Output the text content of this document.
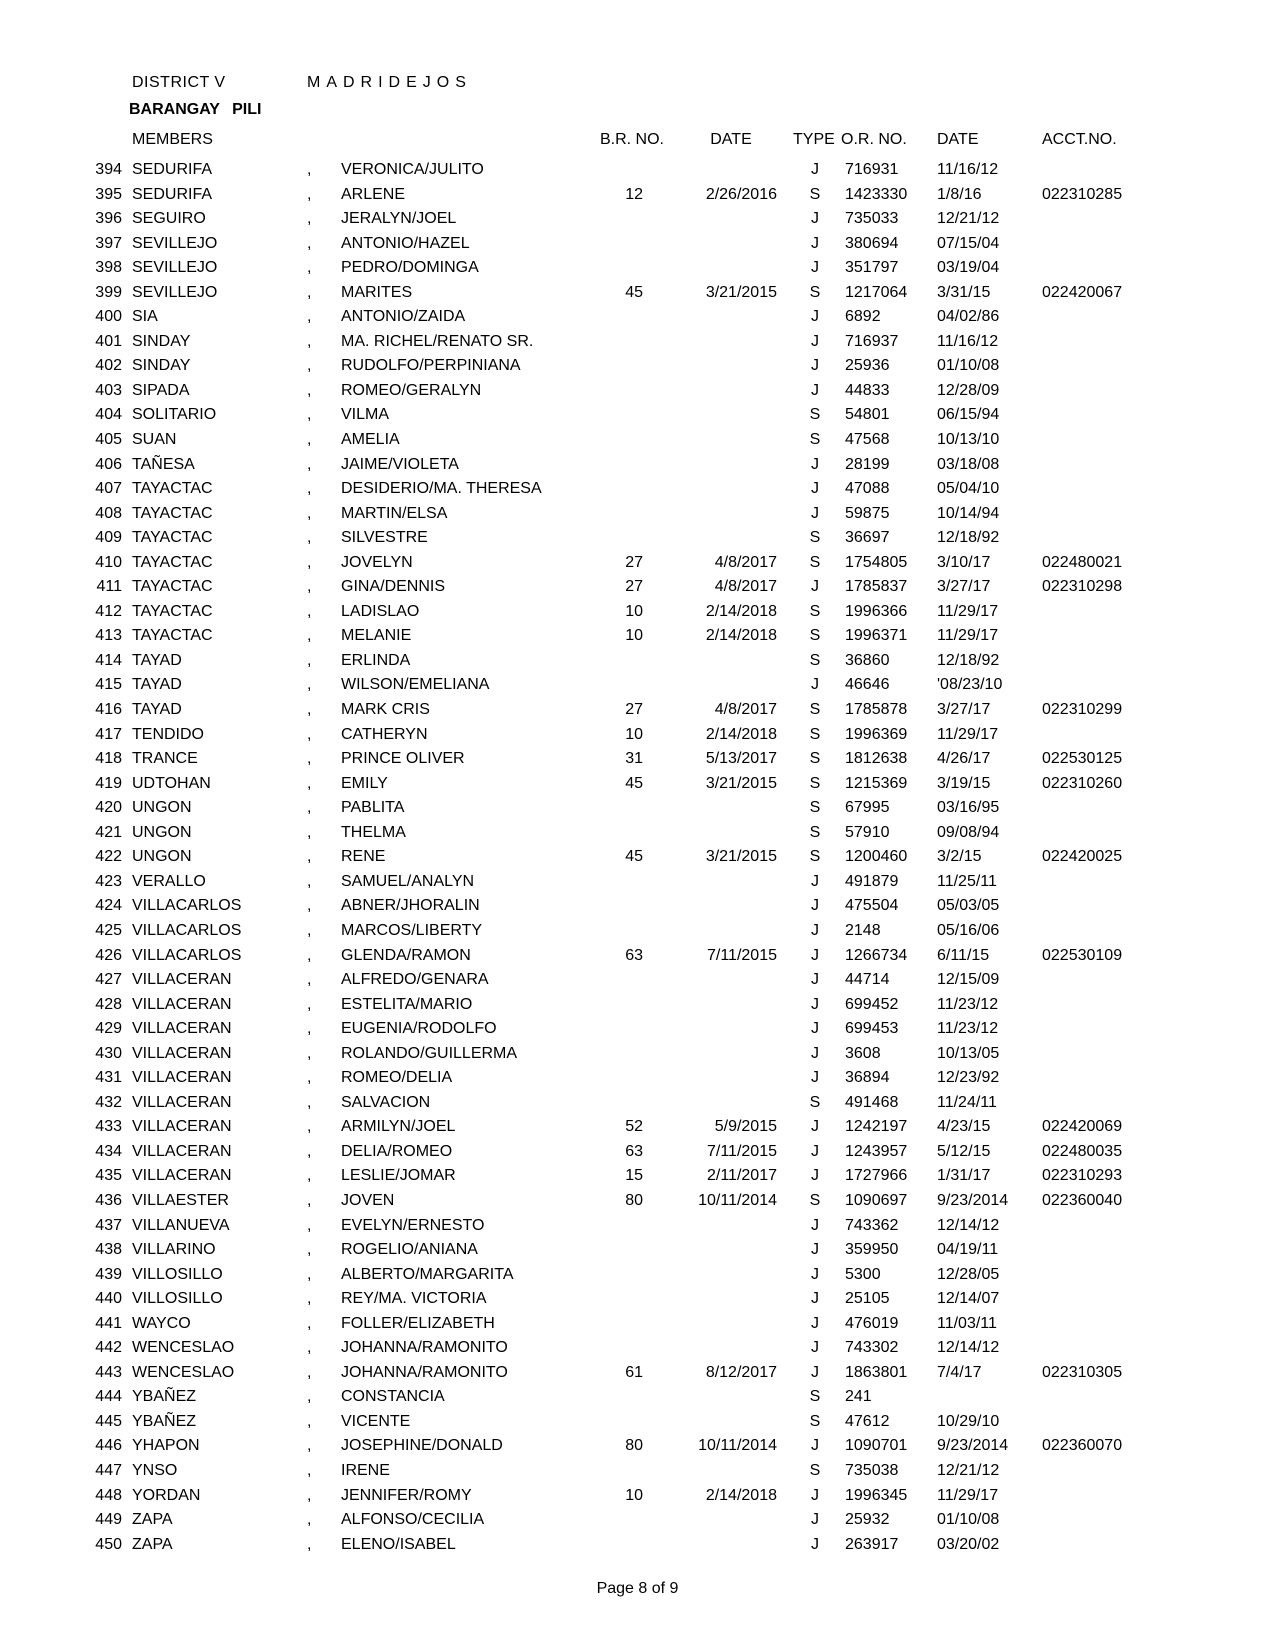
DISTRICT V	MADRIDEJOS
BARANGAY PILI
MEMBERS	B.R. NO.	DATE	TYPE O.R. NO. DATE	ACCT.NO.
394 SEDURIFA	, VERONICA/JULITO	J	716931 11/16/12
395 SEDURIFA	, ARLENE	12	2/26/2016	S	1423330 1/8/16	022310285
396 SEGUIRO	, JERALYN/JOEL	J	735033 12/21/12
397 SEVILLEJO	, ANTONIO/HAZEL	J	380694 07/15/04
398 SEVILLEJO	, PEDRO/DOMINGA	J	351797 03/19/04
399 SEVILLEJO	, MARITES	45	3/21/2015	S	1217064 3/31/15	022420067
400 SIA	, ANTONIO/ZAIDA	J	6892	04/02/86
401 SINDAY	, MA. RICHEL/RENATO SR.	J	716937 11/16/12
402 SINDAY	, RUDOLFO/PERPINIANA	J	25936	01/10/08
403 SIPADA	, ROMEO/GERALYN	J	44833	12/28/09
404 SOLITARIO	, VILMA	S	54801	06/15/94
405 SUAN	, AMELIA	S	47568	10/13/10
406 TAÑESA	, JAIME/VIOLETA	J	28199	03/18/08
407 TAYACTAC	, DESIDERIO/MA. THERESA	J	47088	05/04/10
408 TAYACTAC	, MARTIN/ELSA	J	59875	10/14/94
409 TAYACTAC	, SILVESTRE	S	36697	12/18/92
410 TAYACTAC	, JOVELYN	27	4/8/2017	S	1754805 3/10/17	022480021
411 TAYACTAC	, GINA/DENNIS	27	4/8/2017	J	1785837 3/27/17	022310298
412 TAYACTAC	, LADISLAO	10	2/14/2018	S	1996366 11/29/17
413 TAYACTAC	, MELANIE	10	2/14/2018	S	1996371 11/29/17
414 TAYAD	, ERLINDA	S	36860	12/18/92
415 TAYAD	, WILSON/EMELIANA	J	46646	'08/23/10
416 TAYAD	, MARK CRIS	27	4/8/2017	S	1785878 3/27/17	022310299
417 TENDIDO	, CATHERYN	10	2/14/2018	S	1996369 11/29/17
418 TRANCE	, PRINCE OLIVER	31	5/13/2017	S	1812638 4/26/17	022530125
419 UDTOHAN	, EMILY	45	3/21/2015	S	1215369 3/19/15	022310260
420 UNGON	, PABLITA	S	67995	03/16/95
421 UNGON	, THELMA	S	57910	09/08/94
422 UNGON	, RENE	45	3/21/2015	S	1200460 3/2/15	022420025
423 VERALLO	, SAMUEL/ANALYN	J	491879 11/25/11
424 VILLACARLOS	, ABNER/JHORALIN	J	475504 05/03/05
425 VILLACARLOS	, MARCOS/LIBERTY	J	2148	05/16/06
426 VILLACARLOS	, GLENDA/RAMON	63	7/11/2015	J	1266734 6/11/15	022530109
427 VILLACERAN	, ALFREDO/GENARA	J	44714	12/15/09
428 VILLACERAN	, ESTELITA/MARIO	J	699452 11/23/12
429 VILLACERAN	, EUGENIA/RODOLFO	J	699453 11/23/12
430 VILLACERAN	, ROLANDO/GUILLERMA	J	3608	10/13/05
431 VILLACERAN	, ROMEO/DELIA	J	36894	12/23/92
432 VILLACERAN	, SALVACION	S	491468 11/24/11
433 VILLACERAN	, ARMILYN/JOEL	52	5/9/2015	J	1242197 4/23/15	022420069
434 VILLACERAN	, DELIA/ROMEO	63	7/11/2015	J	1243957 5/12/15	022480035
435 VILLACERAN	, LESLIE/JOMAR	15	2/11/2017	J	1727966 1/31/17	022310293
436 VILLAESTER	, JOVEN	80	10/11/2014	S	1090697 9/23/2014 022360040
437 VILLANUEVA	, EVELYN/ERNESTO	J	743362 12/14/12
438 VILLARINO	, ROGELIO/ANIANA	J	359950 04/19/11
439 VILLOSILLO	, ALBERTO/MARGARITA	J	5300	12/28/05
440 VILLOSILLO	, REY/MA. VICTORIA	J	25105	12/14/07
441 WAYCO	, FOLLER/ELIZABETH	J	476019 11/03/11
442 WENCESLAO	, JOHANNA/RAMONITO	J	743302 12/14/12
443 WENCESLAO	, JOHANNA/RAMONITO	61	8/12/2017	J	1863801 7/4/17	022310305
444 YBAÑEZ	, CONSTANCIA	S	241
445 YBAÑEZ	, VICENTE	S	47612	10/29/10
446 YHAPON	, JOSEPHINE/DONALD	80	10/11/2014	J	1090701 9/23/2014 022360070
447 YNSO	, IRENE	S	735038 12/21/12
448 YORDAN	, JENNIFER/ROMY	10	2/14/2018	J	1996345 11/29/17
449 ZAPA	, ALFONSO/CECILIA	J	25932	01/10/08
450 ZAPA	, ELENO/ISABEL	J	263917 03/20/02
Page 8 of 9
